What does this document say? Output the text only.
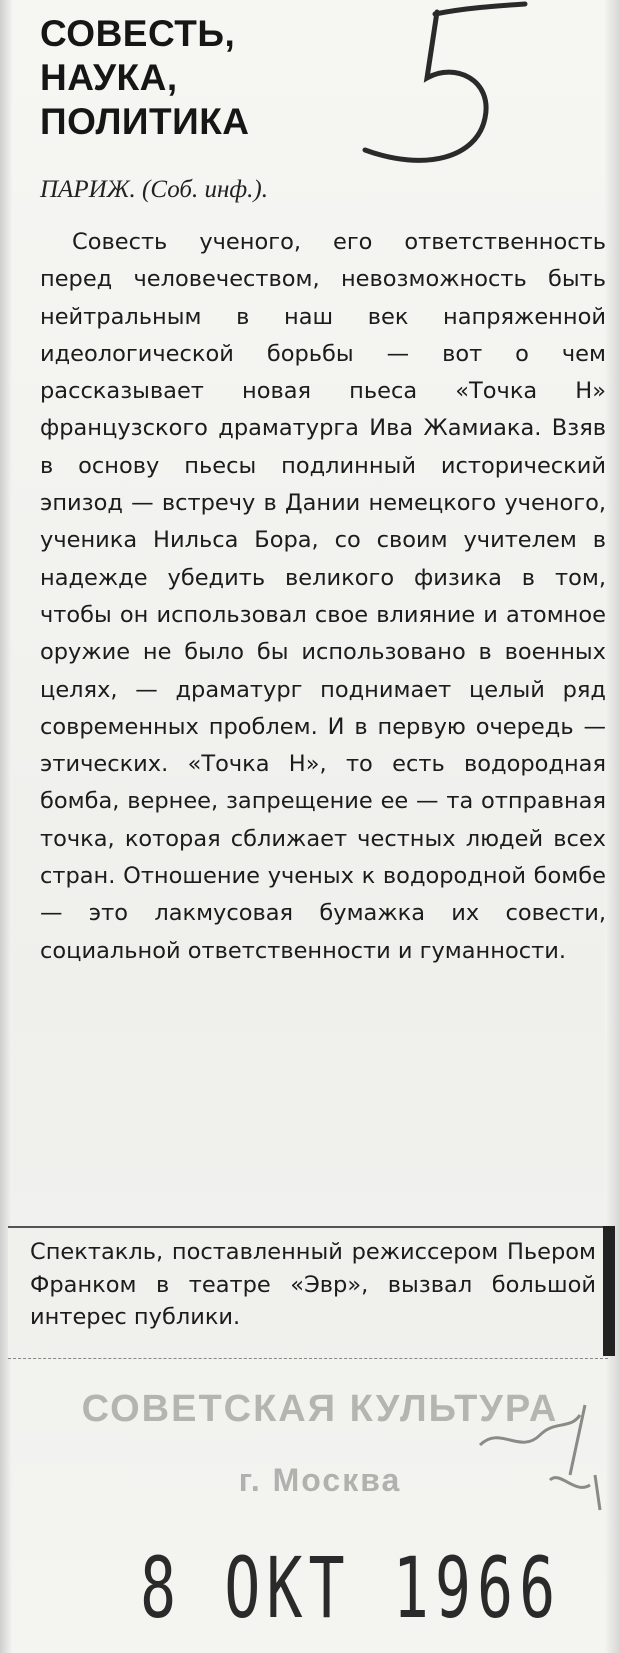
СОВЕСТЬ,
НАУКА,
ПОЛИТИКА
ПАРИЖ. (Соб. инф.).

Совесть ученого, его ответственность перед человечеством, невозможность быть нейтральным в наш век напряженной идеологической борьбы — вот о чем рассказывает новая пьеса «Точка Н» французского драматурга Ива Жамиака. Взяв в основу пьесы подлинный исторический эпизод — встречу в Дании немецкого ученого, ученика Нильса Бора, со своим учителем в надежде убедить великого физика в том, чтобы он использовал свое влияние и атомное оружие не было бы использовано в военных целях, — драматург поднимает целый ряд современных проблем. И в первую очередь — этических. «Точка Н», то есть водородная бомба, вернее, запрещение ее — та отправная точка, которая сближает честных людей всех стран. Отношение ученых к водородной бомбе — это лакмусовая бумажка их совести, социальной ответственности и гуманности.

Спектакль, поставленный режиссером Пьером Франком в театре «Эвр», вызвал большой интерес публики.

СОВЕТСКАЯ КУЛЬТУРА
г. Москва
8 ОКТ 1966
